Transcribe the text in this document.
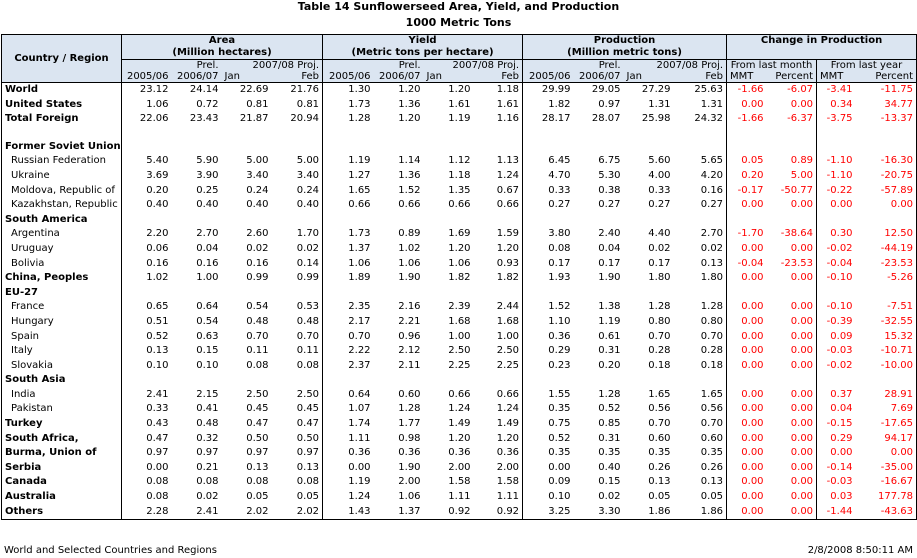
Table 14 Sunflowerseed Area, Yield, and Production
1000 Metric Tons
Country / Region	Area
(Million hectares)				Yield
(Metric tons per hectare)				Production
(Million metric tons)				Change in Production			
		Prel.	2007/08 Proj.			Prel.	2007/08 Proj.			Prel.	2007/08 Proj.		From last month		From last year	
	2005/06	2006/07	Jan	Feb	2005/06	2006/07	Jan	Feb	2005/06	2006/07	Jan	Feb	MMT	Percent	MMT	Percent
World	23.12	24.14	22.69	21.76	1.30	1.20	1.20	1.18	29.99	29.05	27.29	25.63	-1.66	-6.07	-3.41	-11.75
United States	1.06	0.72	0.81	0.81	1.73	1.36	1.61	1.61	1.82	0.97	1.31	1.31	0.00	0.00	0.34	34.77
Total Foreign	22.06	23.43	21.87	20.94	1.28	1.20	1.19	1.16	28.17	28.07	25.98	24.32	-1.66	-6.37	-3.75	-13.37

Former Soviet Union																
Russian Federation	5.40	5.90	5.00	5.00	1.19	1.14	1.12	1.13	6.45	6.75	5.60	5.65	0.05	0.89	-1.10	-16.30
Ukraine	3.69	3.90	3.40	3.40	1.27	1.36	1.18	1.24	4.70	5.30	4.00	4.20	0.20	5.00	-1.10	-20.75
Moldova, Republic of	0.20	0.25	0.24	0.24	1.65	1.52	1.35	0.67	0.33	0.38	0.33	0.16	-0.17	-50.77	-0.22	-57.89
Kazakhstan, Republic	0.40	0.40	0.40	0.40	0.66	0.66	0.66	0.66	0.27	0.27	0.27	0.27	0.00	0.00	0.00	0.00
South America																
Argentina	2.20	2.70	2.60	1.70	1.73	0.89	1.69	1.59	3.80	2.40	4.40	2.70	-1.70	-38.64	0.30	12.50
Uruguay	0.06	0.04	0.02	0.02	1.37	1.02	1.20	1.20	0.08	0.04	0.02	0.02	0.00	0.00	-0.02	-44.19
Bolivia	0.16	0.16	0.16	0.14	1.06	1.06	1.06	0.93	0.17	0.17	0.17	0.13	-0.04	-23.53	-0.04	-23.53
China, Peoples	1.02	1.00	0.99	0.99	1.89	1.90	1.82	1.82	1.93	1.90	1.80	1.80	0.00	0.00	-0.10	-5.26
EU-27																
France	0.65	0.64	0.54	0.53	2.35	2.16	2.39	2.44	1.52	1.38	1.28	1.28	0.00	0.00	-0.10	-7.51
Hungary	0.51	0.54	0.48	0.48	2.17	2.21	1.68	1.68	1.10	1.19	0.80	0.80	0.00	0.00	-0.39	-32.55
Spain	0.52	0.63	0.70	0.70	0.70	0.96	1.00	1.00	0.36	0.61	0.70	0.70	0.00	0.00	0.09	15.32
Italy	0.13	0.15	0.11	0.11	2.22	2.12	2.50	2.50	0.29	0.31	0.28	0.28	0.00	0.00	-0.03	-10.71
Slovakia	0.10	0.10	0.08	0.08	2.37	2.11	2.25	2.25	0.23	0.20	0.18	0.18	0.00	0.00	-0.02	-10.00
South Asia																
India	2.41	2.15	2.50	2.50	0.64	0.60	0.66	0.66	1.55	1.28	1.65	1.65	0.00	0.00	0.37	28.91
Pakistan	0.33	0.41	0.45	0.45	1.07	1.28	1.24	1.24	0.35	0.52	0.56	0.56	0.00	0.00	0.04	7.69
Turkey	0.43	0.48	0.47	0.47	1.74	1.77	1.49	1.49	0.75	0.85	0.70	0.70	0.00	0.00	-0.15	-17.65
South Africa,	0.47	0.32	0.50	0.50	1.11	0.98	1.20	1.20	0.52	0.31	0.60	0.60	0.00	0.00	0.29	94.17
Burma, Union of	0.97	0.97	0.97	0.97	0.36	0.36	0.36	0.36	0.35	0.35	0.35	0.35	0.00	0.00	0.00	0.00
Serbia	0.00	0.21	0.13	0.13	0.00	1.90	2.00	2.00	0.00	0.40	0.26	0.26	0.00	0.00	-0.14	-35.00
Canada	0.08	0.08	0.08	0.08	1.19	2.00	1.58	1.58	0.09	0.15	0.13	0.13	0.00	0.00	-0.03	-16.67
Australia	0.08	0.02	0.05	0.05	1.24	1.06	1.11	1.11	0.10	0.02	0.05	0.05	0.00	0.00	0.03	177.78
Others	2.28	2.41	2.02	2.02	1.43	1.37	0.92	0.92	3.25	3.30	1.86	1.86	0.00	0.00	-1.44	-43.63
World and Selected Countries and Regions	2/8/2008 8:50:11 AM
